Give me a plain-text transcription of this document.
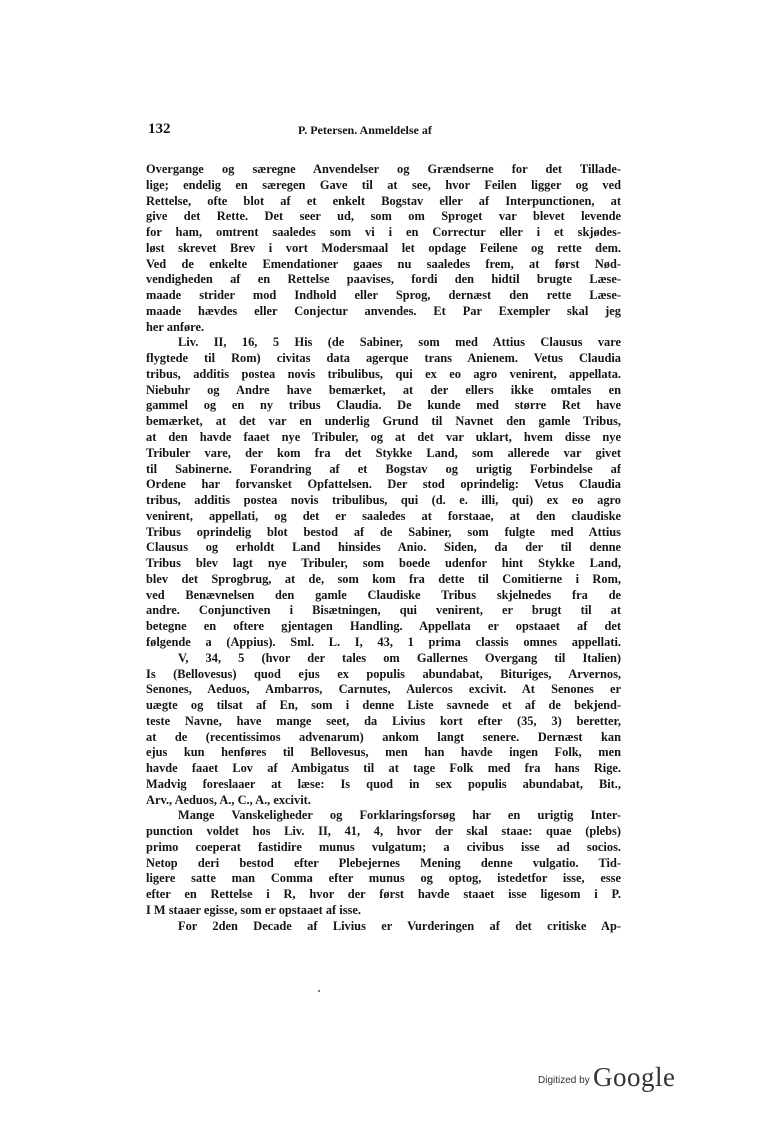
132	P. Petersen. Anmeldelse af
Overgange og særegne Anvendelser og Grændserne for det Tillade-
lige; endelig en særegen Gave til at see, hvor Feilen ligger og ved
Rettelse, ofte blot af et enkelt Bogstav eller af Interpunctionen, at
give det Rette. Det seer ud, som om Sproget var blevet levende
for ham, omtrent saaledes som vi i en Correctur eller i et skjødes-
løst skrevet Brev i vort Modersmaal let opdage Feilene og rette dem.
Ved de enkelte Emendationer gaaes nu saaledes frem, at først Nød-
vendigheden af en Rettelse paavises, fordi den hidtil brugte Læse-
maade strider mod Indhold eller Sprog, dernæst den rette Læse-
maade hævdes eller Conjectur anvendes. Et Par Exempler skal jeg
her anføre.
Liv. II, 16, 5 His (de Sabiner, som med Attius Clausus vare
flygtede til Rom) civitas data agerque trans Anienem. Vetus Claudia
tribus, additis postea novis tribulibus, qui ex eo agro venirent, appellata.
Niebuhr og Andre have bemærket, at der ellers ikke omtales en
gammel og en ny tribus Claudia. De kunde med større Ret have
bemærket, at det var en underlig Grund til Navnet den gamle Tribus,
at den havde faaet nye Tribuler, og at det var uklart, hvem disse nye
Tribuler vare, der kom fra det Stykke Land, som allerede var givet
til Sabinerne. Forandring af et Bogstav og urigtig Forbindelse af
Ordene har forvansket Opfattelsen. Der stod oprindelig: Vetus Claudia
tribus, additis postea novis tribulibus, qui (d. e. illi, qui) ex eo agro
venirent, appellati, og det er saaledes at forstaae, at den claudiske
Tribus oprindelig blot bestod af de Sabiner, som fulgte med Attius
Clausus og erholdt Land hinsides Anio. Siden, da der til denne
Tribus blev lagt nye Tribuler, som boede udenfor hint Stykke Land,
blev det Sprogbrug, at de, som kom fra dette til Comitierne i Rom,
ved Benævnelsen den gamle Claudiske Tribus skjelnedes fra de
andre. Conjunctiven i Bisætningen, qui venirent, er brugt til at
betegne en oftere gjentagen Handling. Appellata er opstaaet af det
følgende a (Appius). Sml. L. I, 43, 1 prima classis omnes appellati.
V, 34, 5 (hvor der tales om Gallernes Overgang til Italien)
Is (Bellovesus) quod ejus ex populis abundabat, Bituriges, Arvernos,
Senones, Aeduos, Ambarros, Carnutes, Aulercos excivit. At Senones er
uægte og tilsat af En, som i denne Liste savnede et af de bekjend-
teste Navne, have mange seet, da Livius kort efter (35, 3) beretter,
at de (recentissimos advenarum) ankom langt senere. Dernæst kan
ejus kun henføres til Bellovesus, men han havde ingen Folk, men
havde faaet Lov af Ambigatus til at tage Folk med fra hans Rige.
Madvig foreslaaer at læse: Is quod in sex populis abundabat, Bit.,
Arv., Aeduos, A., C., A., excivit.
Mange Vanskeligheder og Forklaringsforsøg har en urigtig Inter-
punction voldet hos Liv. II, 41, 4, hvor der skal staae: quae (plebs)
primo coeperat fastidire munus vulgatum; a civibus isse ad socios.
Netop deri bestod efter Plebejernes Mening denne vulgatio. Tid-
ligere satte man Comma efter munus og optog, istedetfor isse, esse
efter en Rettelse i R, hvor der først havde staaet isse ligesom i P.
I M staaer egisse, som er opstaaet af isse.
For 2den Decade af Livius er Vurderingen af det critiske Ap-
Digitized by Google
